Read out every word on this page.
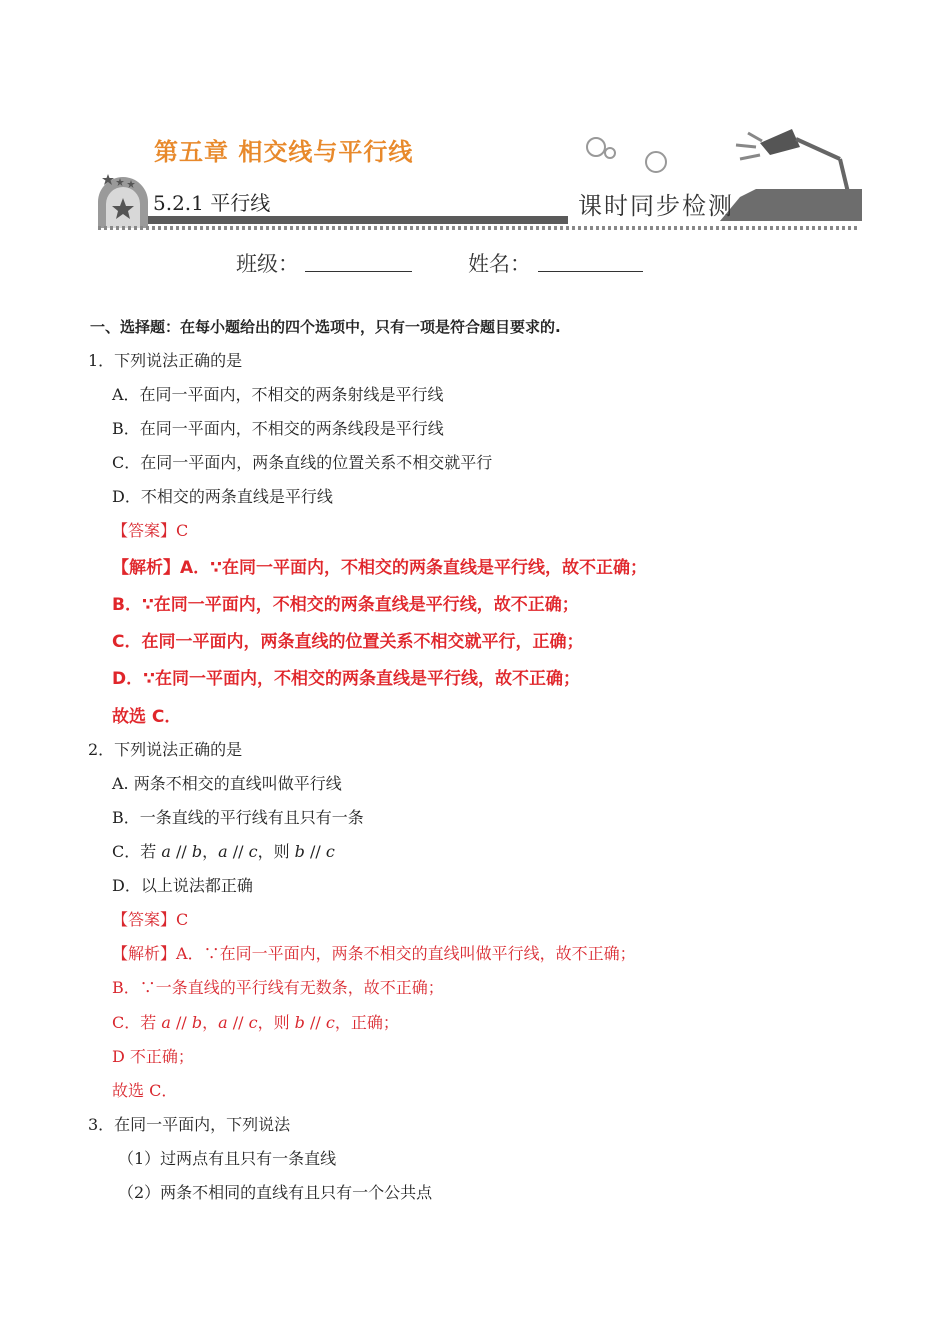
第五章 相交线与平行线
5.2.1 平行线	课时同步检测
班级：	姓名：
一、选择题：在每小题给出的四个选项中，只有一项是符合题目要求的.
1．下列说法正确的是
A．在同一平面内，不相交的两条射线是平行线
B．在同一平面内，不相交的两条线段是平行线
C．在同一平面内，两条直线的位置关系不相交就平行
D．不相交的两条直线是平行线
【答案】C
【解析】A．∵在同一平面内，不相交的两条直线是平行线，故不正确；
B．∵在同一平面内，不相交的两条直线是平行线，故不正确；
C．在同一平面内，两条直线的位置关系不相交就平行，正确；
D．∵在同一平面内，不相交的两条直线是平行线，故不正确；
故选 C．
2．下列说法正确的是
A. 两条不相交的直线叫做平行线
B．一条直线的平行线有且只有一条
C．若 a // b，a // c，则 b // c
D．以上说法都正确
【答案】C
【解析】A．∵在同一平面内，两条不相交的直线叫做平行线，故不正确；
B．∵一条直线的平行线有无数条，故不正确；
C．若 a // b，a // c，则 b // c，正确；
D 不正确；
故选 C．
3．在同一平面内，下列说法
（1）过两点有且只有一条直线
（2）两条不相同的直线有且只有一个公共点
